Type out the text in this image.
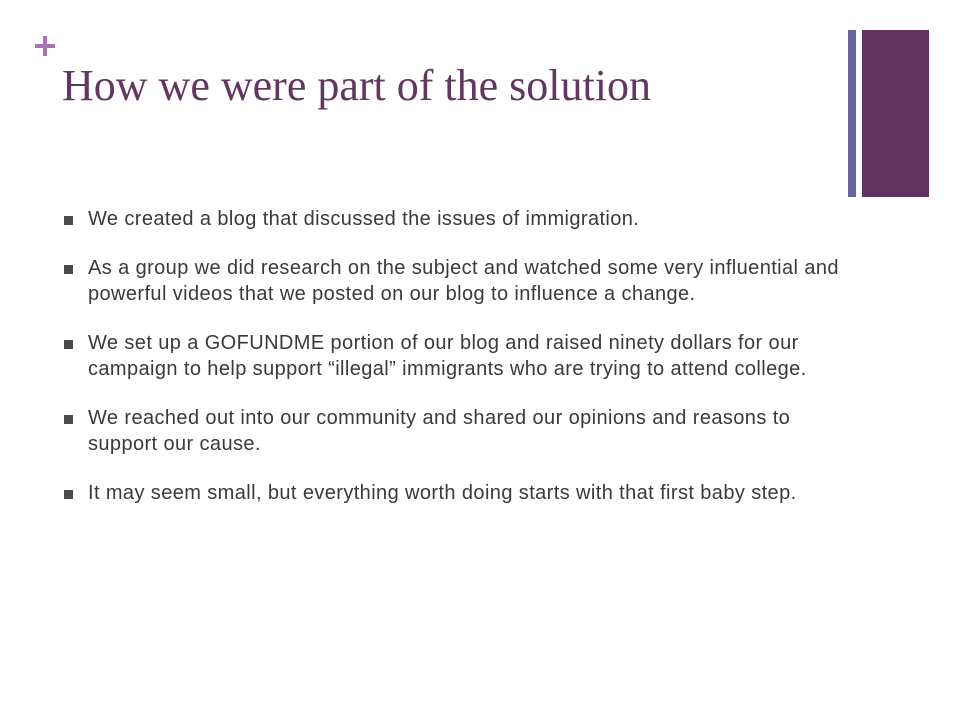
How we were part of the solution
We created a blog that discussed the issues of immigration.
As a group we did research on the subject and watched some very influential and powerful videos that we posted on our blog to influence a change.
We set up a GOFUNDME portion of our blog and raised ninety dollars for our campaign to help support “illegal” immigrants who are trying to attend college.
We reached out into our community and shared our opinions and reasons to support our cause.
It may seem small, but everything worth doing starts with that first baby step.
